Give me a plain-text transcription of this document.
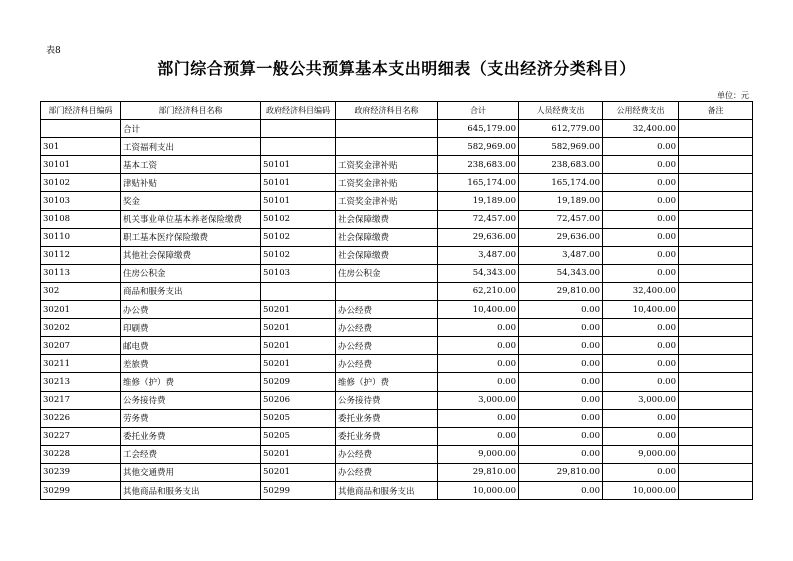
表8
部门综合预算一般公共预算基本支出明细表（支出经济分类科目）
单位：元
部门经济科目编码	部门经济科目名称	政府经济科目编码	政府经济科目名称	合计	人员经费支出	公用经费支出	备注
	合计			645,179.00	612,779.00	32,400.00	
301	工资福利支出			582,969.00	582,969.00	0.00	
30101	基本工资	50101	工资奖金津补贴	238,683.00	238,683.00	0.00	
30102	津贴补贴	50101	工资奖金津补贴	165,174.00	165,174.00	0.00	
30103	奖金	50101	工资奖金津补贴	19,189.00	19,189.00	0.00	
30108	机关事业单位基本养老保险缴费	50102	社会保障缴费	72,457.00	72,457.00	0.00	
30110	职工基本医疗保险缴费	50102	社会保障缴费	29,636.00	29,636.00	0.00	
30112	其他社会保障缴费	50102	社会保障缴费	3,487.00	3,487.00	0.00	
30113	住房公积金	50103	住房公积金	54,343.00	54,343.00	0.00	
302	商品和服务支出			62,210.00	29,810.00	32,400.00	
30201	办公费	50201	办公经费	10,400.00	0.00	10,400.00	
30202	印刷费	50201	办公经费	0.00	0.00	0.00	
30207	邮电费	50201	办公经费	0.00	0.00	0.00	
30211	差旅费	50201	办公经费	0.00	0.00	0.00	
30213	维修（护）费	50209	维修（护）费	0.00	0.00	0.00	
30217	公务接待费	50206	公务接待费	3,000.00	0.00	3,000.00	
30226	劳务费	50205	委托业务费	0.00	0.00	0.00	
30227	委托业务费	50205	委托业务费	0.00	0.00	0.00	
30228	工会经费	50201	办公经费	9,000.00	0.00	9,000.00	
30239	其他交通费用	50201	办公经费	29,810.00	29,810.00	0.00	
30299	其他商品和服务支出	50299	其他商品和服务支出	10,000.00	0.00	10,000.00	
